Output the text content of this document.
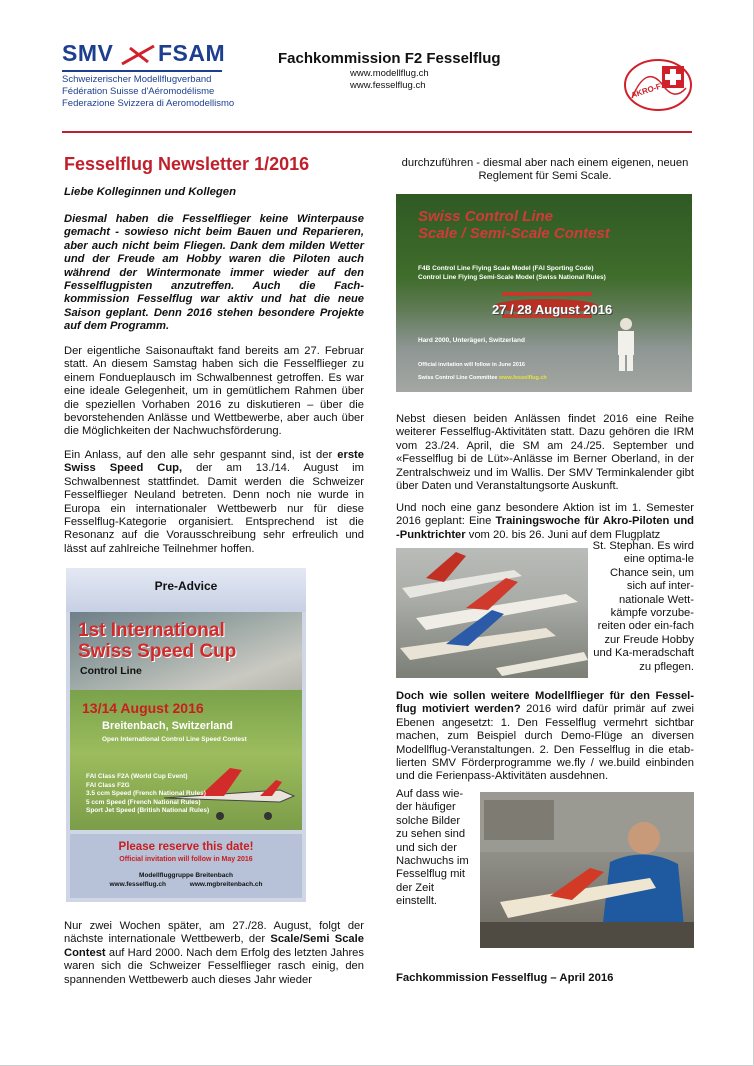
SMV FSAM
Schweizerischer Modellflugverband
Fédération Suisse d'Aéromodélisme
Federazione Svizzera di Aeromodellismo
Fachkommission F2 Fesselflug
www.modellflug.ch
www.fesselflug.ch	AKRO-F2
Fesselflug Newsletter 1/2016
Liebe Kolleginnen und Kollegen
Diesmal haben die Fesselflieger keine Winterpause gemacht - sowieso nicht beim Bauen und Reparieren, aber auch nicht beim Fliegen. Dank dem milden Wetter und der Freude am Hobby waren die Piloten auch während der Wintermonate immer wieder auf den Fesselflugpisten anzutreffen. Auch die Fach-kommission Fesselflug war aktiv und hat die neue Saison geplant. Denn 2016 stehen besondere Projekte auf dem Programm.
Der eigentliche Saisonauftakt fand bereits am 27. Februar statt. An diesem Samstag haben sich die Fesselflieger zu einem Fondueplausch im Schwalbennest getroffen. Es war eine ideale Gelegenheit, um in gemütlichem Rahmen über die speziellen Vorhaben 2016 zu diskutieren – über die bevorstehenden Anlässe und Wettbewerbe, aber auch über die Möglichkeiten der Nachwuchsförderung.
Ein Anlass, auf den alle sehr gespannt sind, ist der erste Swiss Speed Cup, der am 13./14. August im Schwalbennest stattfindet. Damit werden die Schweizer Fesselflieger Neuland betreten. Denn noch nie wurde in Europa ein internationaler Wettbewerb nur für diese Fesselflug-Kategorie organisiert. Entsprechend ist die Resonanz auf die Vorausschreibung sehr erfreulich und lässt auf zahlreiche Teilnehmer hoffen.
Pre-Advice
1st International
Swiss Speed Cup
Control Line
13/14 August 2016
Breitenbach, Switzerland
Open International Control Line Speed Contest
FAI Class F2A (World Cup Event)
FAI Class F2G
3.5 ccm Speed (French National Rules)
5 ccm Speed (French National Rules)
Sport Jet Speed (British National Rules)
Please reserve this date!
Official invitation will follow in May 2016
Modellfluggruppe Breitenbach
www.fesselflug.ch www.mgbreitenbach.ch
Nur zwei Wochen später, am 27./28. August, folgt der nächste internationale Wettbewerb, der Scale/Semi Scale Contest auf Hard 2000. Nach dem Erfolg des letzten Jahres waren sich die Schweizer Fesselflieger rasch einig, den spannenden Wettbewerb auch dieses Jahr wieder
durchzuführen - diesmal aber nach einem eigenen, neuen Reglement für Semi Scale.
Swiss Control Line
Scale / Semi-Scale Contest
F4B Control Line Flying Scale Model (FAI Sporting Code)
Control Line Flying Semi-Scale Model (Swiss National Rules)
27 / 28 August 2016
Hard 2000, Unterägeri, Switzerland
Official invitation will follow in June 2016
Swiss Control Line Committee www.fesselflug.ch
Nebst diesen beiden Anlässen findet 2016 eine Reihe weiterer Fesselflug-Aktivitäten statt. Dazu gehören die IRM vom 23./24. April, die SM am 24./25. September und «Fesselflug bi de Lüt»-Anlässe im Berner Oberland, in der Zentralschweiz und im Wallis. Der SMV Terminkalender gibt über Daten und Veranstaltungsorte Auskunft.
Und noch eine ganz besondere Aktion ist im 1. Semester 2016 geplant: Eine Trainingswoche für Akro-Piloten und -Punktrichter vom 20. bis 26. Juni auf dem Flugplatz
St. Stephan. Es wird eine optima-le Chance sein, um sich auf inter-nationale Wett-kämpfe vorzube-reiten oder ein-fach zur Freude Hobby und Ka-meradschaft zu pflegen.
Doch wie sollen weitere Modellflieger für den Fessel-flug motiviert werden? 2016 wird dafür primär auf zwei Ebenen angesetzt: 1. Den Fesselflug vermehrt sichtbar machen, zum Beispiel durch Demo-Flüge an diversen Modellflug-Veranstaltungen. 2. Den Fesselflug in die etab-lierten SMV Förderprogramme we.fly / we.build einbinden und die Ferienpass-Aktivitäten ausdehnen.
Auf dass wie-der häufiger solche Bilder zu sehen sind und sich der Nachwuchs im Fesselflug mit der Zeit einstellt.
Fachkommission Fesselflug – April 2016
